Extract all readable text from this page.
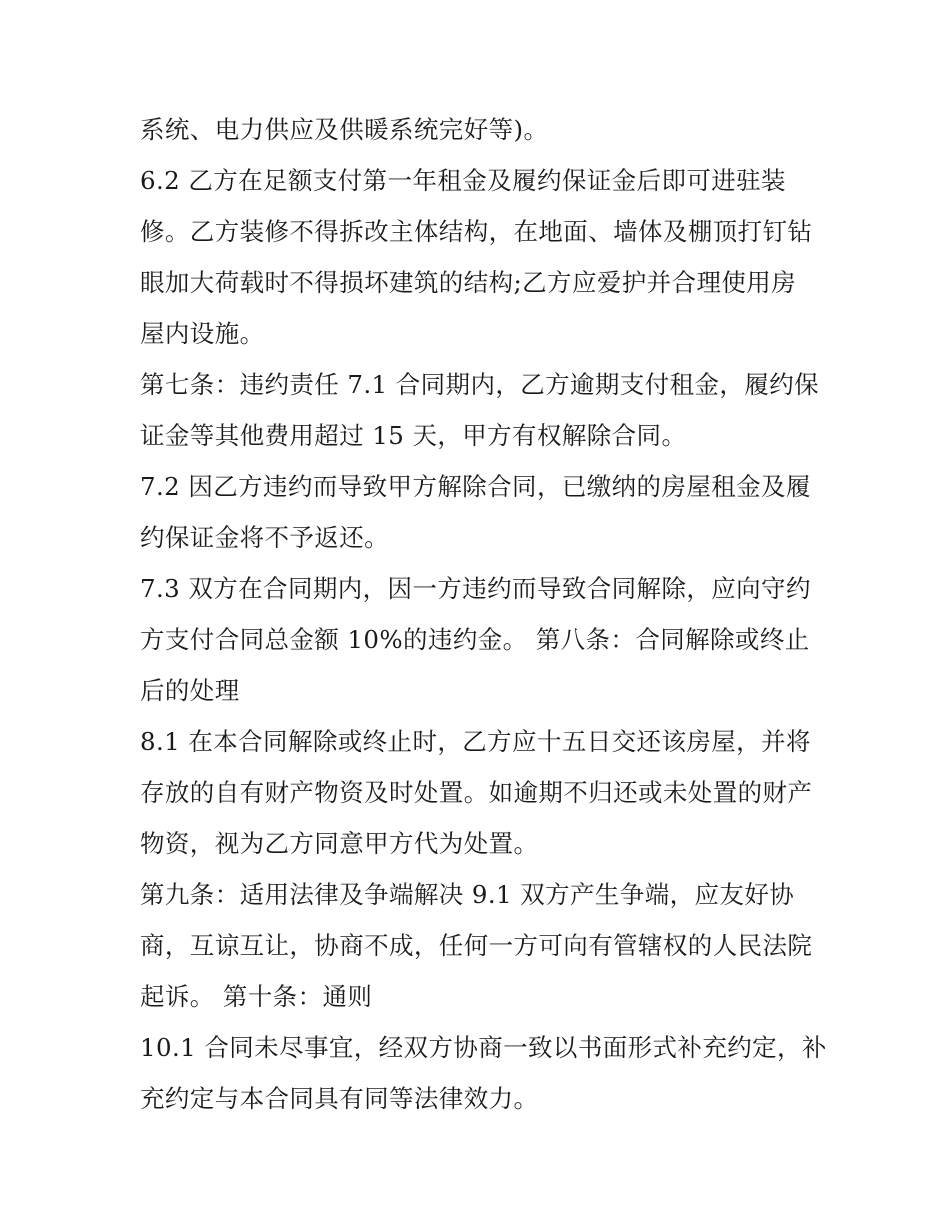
系统、电力供应及供暖系统完好等)。
6.2 乙方在足额支付第一年租金及履约保证金后即可进驻装
修。乙方装修不得拆改主体结构，在地面、墙体及棚顶打钉钻
眼加大荷载时不得损坏建筑的结构;乙方应爱护并合理使用房
屋内设施。
第七条：违约责任 7.1 合同期内，乙方逾期支付租金，履约保
证金等其他费用超过 15 天，甲方有权解除合同。
7.2 因乙方违约而导致甲方解除合同，已缴纳的房屋租金及履
约保证金将不予返还。
7.3 双方在合同期内，因一方违约而导致合同解除，应向守约
方支付合同总金额 10%的违约金。 第八条：合同解除或终止
后的处理
8.1 在本合同解除或终止时，乙方应十五日交还该房屋，并将
存放的自有财产物资及时处置。如逾期不归还或未处置的财产
物资，视为乙方同意甲方代为处置。
第九条：适用法律及争端解决 9.1 双方产生争端，应友好协
商，互谅互让，协商不成，任何一方可向有管辖权的人民法院
起诉。 第十条：通则
10.1 合同未尽事宜，经双方协商一致以书面形式补充约定，补
充约定与本合同具有同等法律效力。
